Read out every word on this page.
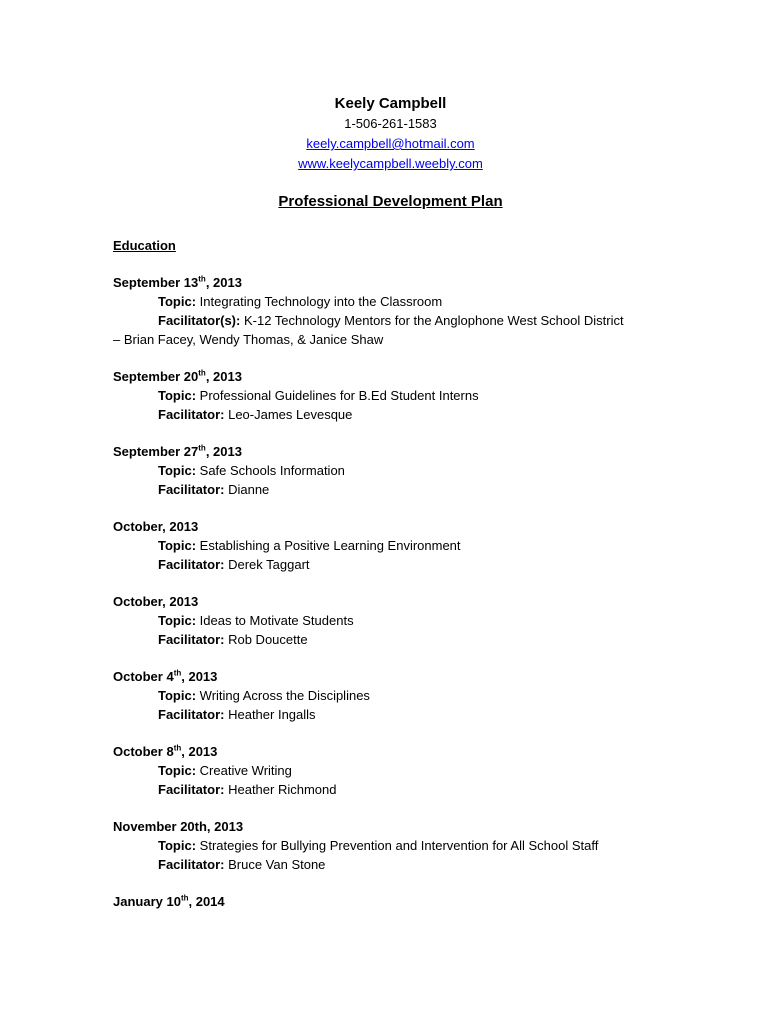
Keely Campbell

1-506-261-1583

keely.campbell@hotmail.com

www.keelycampbell.weebly.com

Professional Development Plan

Education

September 13th, 2013

Topic: Integrating Technology into the Classroom

Facilitator(s): K-12 Technology Mentors for the Anglophone West School District

– Brian Facey, Wendy Thomas, & Janice Shaw

September 20th, 2013

Topic: Professional Guidelines for B.Ed Student Interns

Facilitator: Leo-James Levesque

September 27th, 2013

Topic: Safe Schools Information

Facilitator: Dianne

October, 2013

Topic: Establishing a Positive Learning Environment

Facilitator: Derek Taggart

October, 2013

Topic: Ideas to Motivate Students

Facilitator: Rob Doucette

October 4th, 2013

Topic: Writing Across the Disciplines

Facilitator: Heather Ingalls

October 8th, 2013

Topic: Creative Writing

Facilitator: Heather Richmond

November 20th, 2013

Topic: Strategies for Bullying Prevention and Intervention for All School Staff

Facilitator: Bruce Van Stone

January 10th, 2014
